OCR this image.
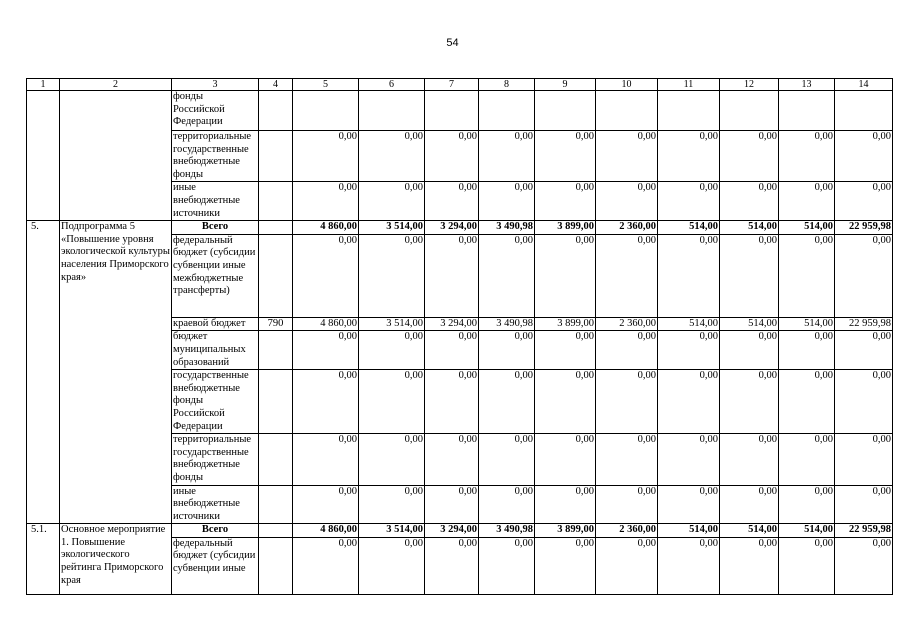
54
1	2	3	4	5	6	7	8	9	10	11	12	13	14
		фонды Российской Федерации											
		территориальные государственные внебюджетные фонды		0,00	0,00	0,00	0,00	0,00	0,00	0,00	0,00	0,00	0,00
		иные внебюджетные источники		0,00	0,00	0,00	0,00	0,00	0,00	0,00	0,00	0,00	0,00
5.	Подпрограмма 5 «Повышение уровня экологической культуры населения Приморского края»	Всего		4 860,00	3 514,00	3 294,00	3 490,98	3 899,00	2 360,00	514,00	514,00	514,00	22 959,98
		федеральный бюджет (субсидии субвенции иные межбюджетные трансферты)		0,00	0,00	0,00	0,00	0,00	0,00	0,00	0,00	0,00	0,00
		краевой бюджет	790	4 860,00	3 514,00	3 294,00	3 490,98	3 899,00	2 360,00	514,00	514,00	514,00	22 959,98
		бюджет муниципальных образований		0,00	0,00	0,00	0,00	0,00	0,00	0,00	0,00	0,00	0,00
		государственные внебюджетные фонды Российской Федерации		0,00	0,00	0,00	0,00	0,00	0,00	0,00	0,00	0,00	0,00
		территориальные государственные внебюджетные фонды		0,00	0,00	0,00	0,00	0,00	0,00	0,00	0,00	0,00	0,00
		иные внебюджетные источники		0,00	0,00	0,00	0,00	0,00	0,00	0,00	0,00	0,00	0,00
5.1.	Основное мероприятие 1. Повышение экологического рейтинга Приморского края	Всего		4 860,00	3 514,00	3 294,00	3 490,98	3 899,00	2 360,00	514,00	514,00	514,00	22 959,98
		федеральный бюджет (субсидии субвенции иные		0,00	0,00	0,00	0,00	0,00	0,00	0,00	0,00	0,00	0,00
